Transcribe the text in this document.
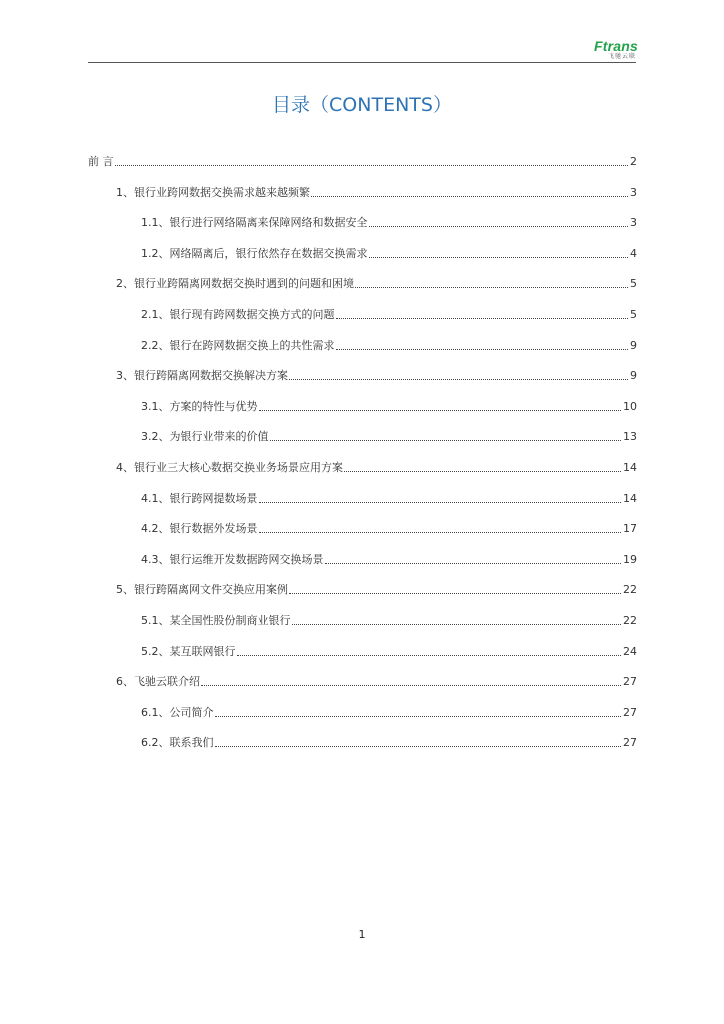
Ftrans
飞驰云联
目录（CONTENTS）
前 言	2
1、银行业跨网数据交换需求越来越频繁	3
1.1、银行进行网络隔离来保障网络和数据安全	3
1.2、网络隔离后，银行依然存在数据交换需求	4
2、银行业跨隔离网数据交换时遇到的问题和困境	5
2.1、银行现有跨网数据交换方式的问题	5
2.2、银行在跨网数据交换上的共性需求	9
3、银行跨隔离网数据交换解决方案	9
3.1、方案的特性与优势	10
3.2、为银行业带来的价值	13
4、银行业三大核心数据交换业务场景应用方案	14
4.1、银行跨网提数场景	14
4.2、银行数据外发场景	17
4.3、银行运维开发数据跨网交换场景	19
5、银行跨隔离网文件交换应用案例	22
5.1、某全国性股份制商业银行	22
5.2、某互联网银行	24
6、飞驰云联介绍	27
6.1、公司简介	27
6.2、联系我们	27
1
